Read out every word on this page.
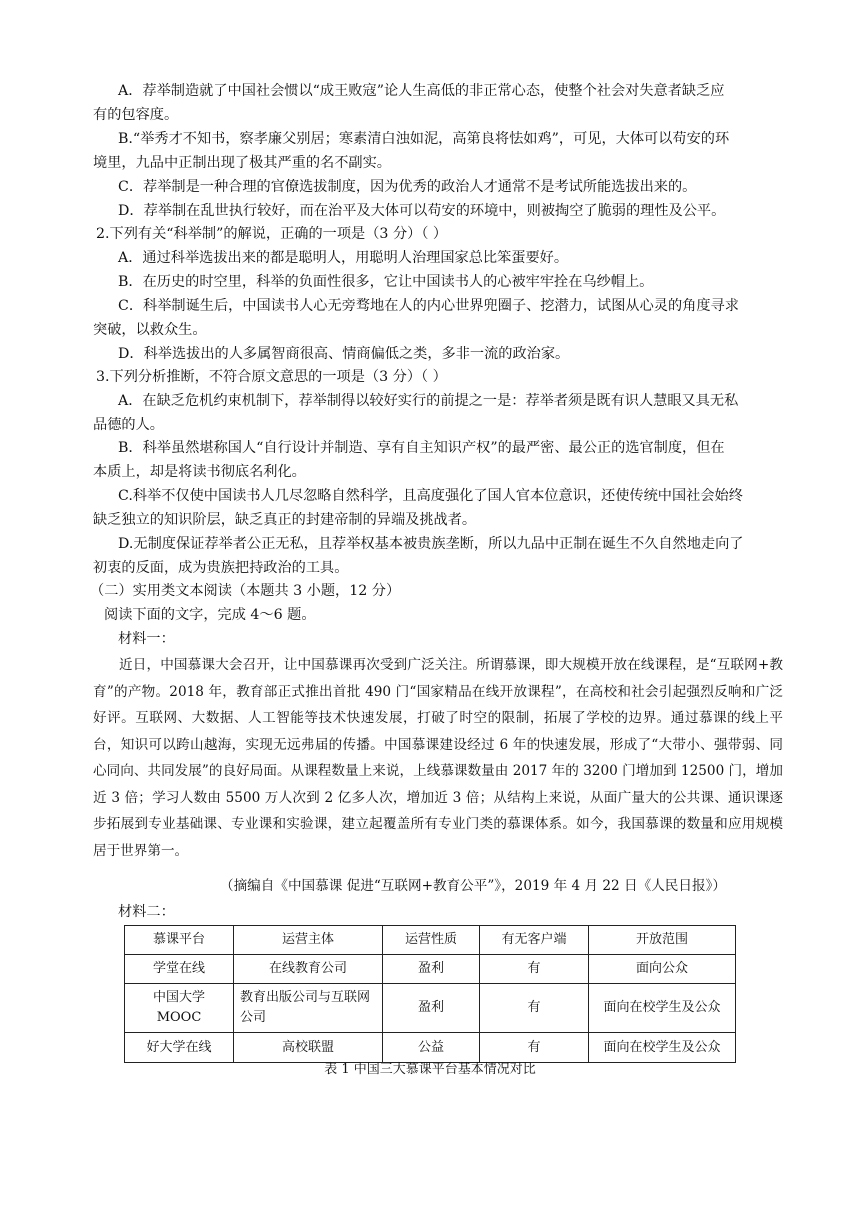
A．荐举制造就了中国社会惯以“成王败寇”论人生高低的非正常心态，使整个社会对失意者缺乏应
有的包容度。
B.“举秀才不知书，察孝廉父别居；寒素清白浊如泥，高第良将怯如鸡”，可见，大体可以苟安的环
境里，九品中正制出现了极其严重的名不副实。
C．荐举制是一种合理的官僚选拔制度，因为优秀的政治人才通常不是考试所能选拔出来的。
D．荐举制在乱世执行较好，而在治平及大体可以苟安的环境中，则被掏空了脆弱的理性及公平。
2.下列有关“科举制”的解说，正确的一项是（3 分）（ ）
A．通过科举选拔出来的都是聪明人，用聪明人治理国家总比笨蛋要好。
B．在历史的时空里，科举的负面性很多，它让中国读书人的心被牢牢拴在乌纱帽上。
C．科举制诞生后，中国读书人心无旁骛地在人的内心世界兜圈子、挖潜力，试图从心灵的角度寻求
突破，以救众生。
D．科举选拔出的人多属智商很高、情商偏低之类，多非一流的政治家。
3.下列分析推断，不符合原文意思的一项是（3 分）（ ）
A．在缺乏危机约束机制下，荐举制得以较好实行的前提之一是：荐举者须是既有识人慧眼又具无私
品德的人。
B．科举虽然堪称国人“自行设计并制造、享有自主知识产权”的最严密、最公正的选官制度，但在
本质上，却是将读书彻底名利化。
C.科举不仅使中国读书人几尽忽略自然科学，且高度强化了国人官本位意识，还使传统中国社会始终
缺乏独立的知识阶层，缺乏真正的封建帝制的异端及挑战者。
D.无制度保证荐举者公正无私，且荐举权基本被贵族垄断，所以九品中正制在诞生不久自然地走向了
初衷的反面，成为贵族把持政治的工具。
（二）实用类文本阅读（本题共 3 小题，12 分）
阅读下面的文字，完成 4～6 题。
材料一：
近日，中国慕课大会召开，让中国慕课再次受到广泛关注。所谓慕课，即大规模开放在线课程，是“互联网+教育”的产物。2018 年，教育部正式推出首批 490 门“国家精品在线开放课程”，在高校和社会引起强烈反响和广泛好评。互联网、大数据、人工智能等技术快速发展，打破了时空的限制，拓展了学校的边界。通过慕课的线上平台，知识可以跨山越海，实现无远弗届的传播。中国慕课建设经过 6 年的快速发展，形成了“大带小、强带弱、同心同向、共同发展”的良好局面。从课程数量上来说，上线慕课数量由 2017 年的 3200 门增加到 12500 门，增加近 3 倍；学习人数由 5500 万人次到 2 亿多人次，增加近 3 倍；从结构上来说，从面广量大的公共课、通识课逐步拓展到专业基础课、专业课和实验课，建立起覆盖所有专业门类的慕课体系。如今，我国慕课的数量和应用规模居于世界第一。
（摘编自《中国慕课 促进“互联网+教育公平”》，2019 年 4 月 22 日《人民日报》）
材料二：
慕课平台	运营主体	运营性质	有无客户端	开放范围
学堂在线	在线教育公司	盈利	有	面向公众
中国大学 MOOC	教育出版公司与互联网公司	盈利	有	面向在校学生及公众
好大学在线	高校联盟	公益	有	面向在校学生及公众
表 1 中国三大慕课平台基本情况对比
